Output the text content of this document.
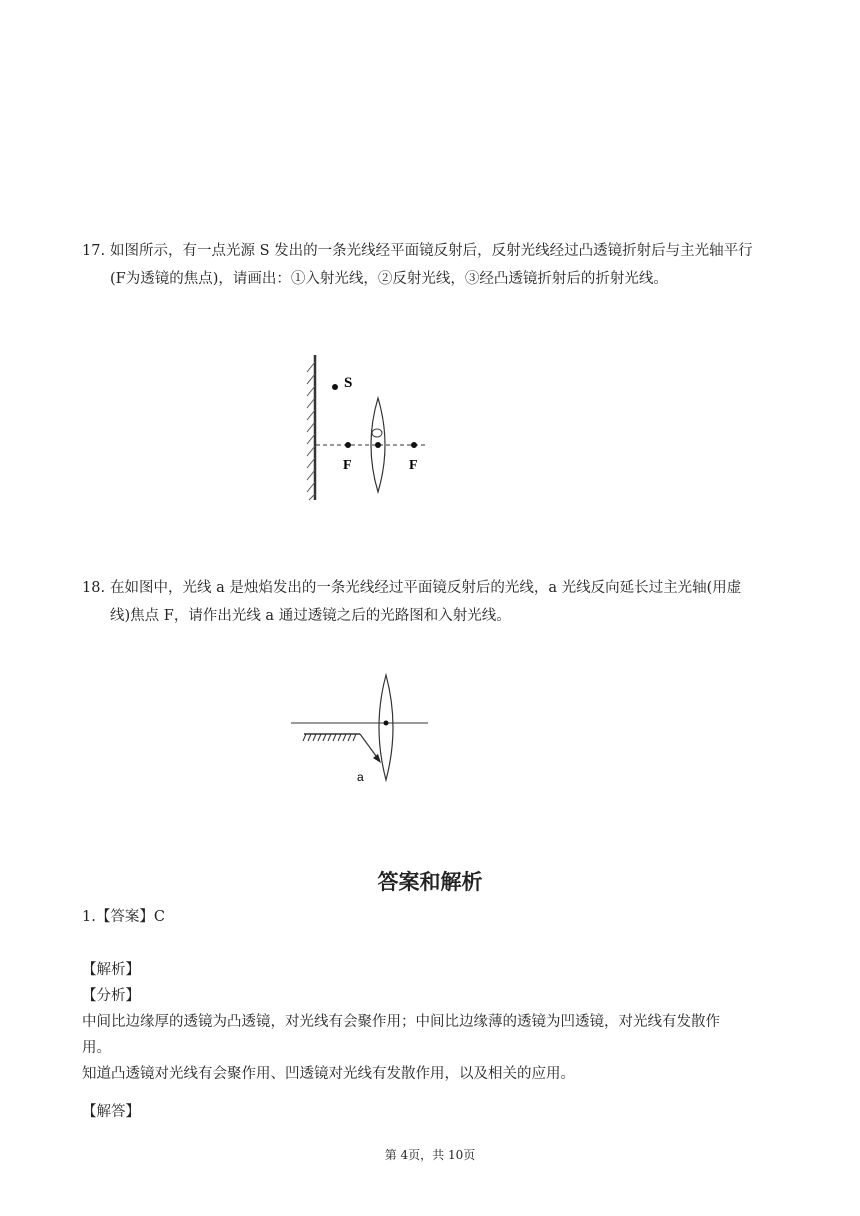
17. 如图所示，有一点光源 S 发出的一条光线经平面镜反射后，反射光线经过凸透镜折射后与主光轴平行
(F为透镜的焦点)，请画出：①入射光线，②反射光线，③经凸透镜折射后的折射光线。
S
F	F
18. 在如图中，光线 a 是烛焰发出的一条光线经过平面镜反射后的光线，a 光线反向延长过主光轴(用虚
线)焦点 F，请作出光线 a 通过透镜之后的光路图和入射光线。
a
答案和解析
1.【答案】C
【解析】
【分析】
中间比边缘厚的透镜为凸透镜，对光线有会聚作用；中间比边缘薄的透镜为凹透镜，对光线有发散作
用。
知道凸透镜对光线有会聚作用、凹透镜对光线有发散作用，以及相关的应用。
【解答】
第 4页，共 10页
